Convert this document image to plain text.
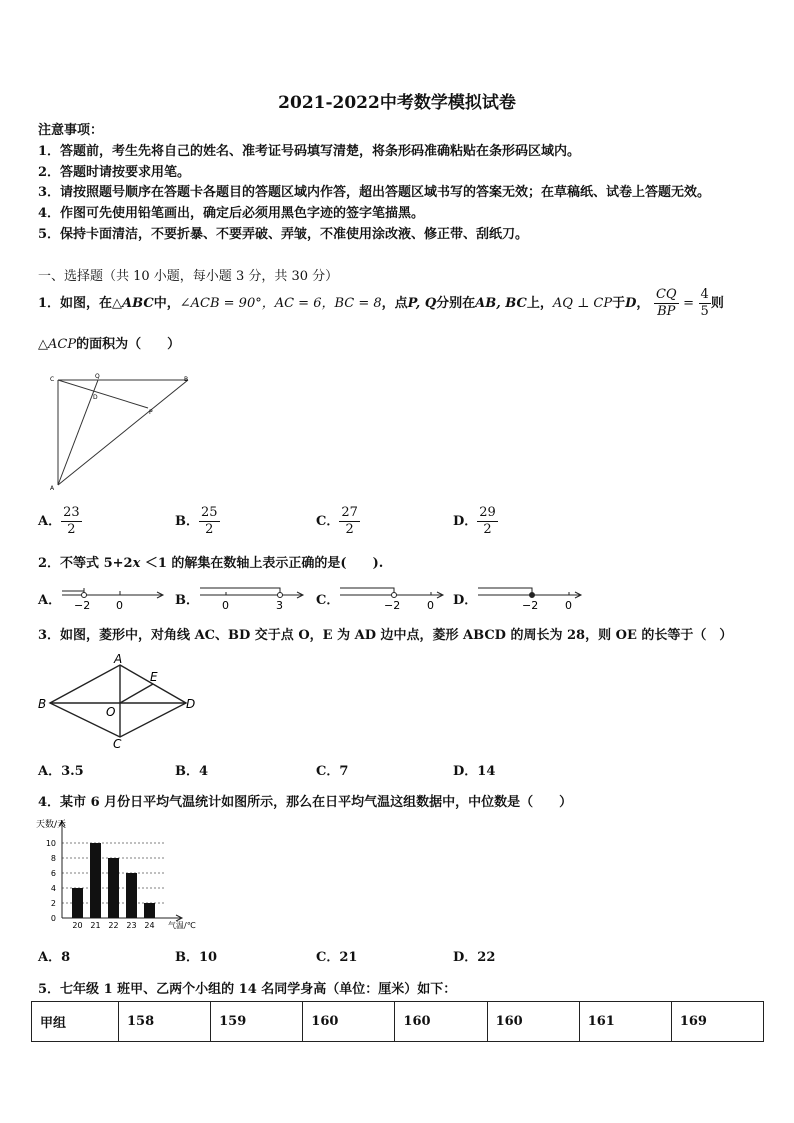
2021-2022中考数学模拟试卷
注意事项：
1．答题前，考生先将自己的姓名、准考证号码填写清楚，将条形码准确粘贴在条形码区域内。
2．答题时请按要求用笔。
3．请按照题号顺序在答题卡各题目的答题区域内作答，超出答题区域书写的答案无效；在草稿纸、试卷上答题无效。
4．作图可先使用铅笔画出，确定后必须用黑色字迹的签字笔描黑。
5．保持卡面清洁，不要折暴、不要弄破、弄皱，不准使用涂改液、修正带、刮纸刀。
一、选择题（共 10 小题，每小题 3 分，共 30 分）
1．如图，在△ABC中，∠ACB = 90°，AC = 6，BC = 8，点P, Q分别在AB, BC上，AQ ⊥ CP于D， $\frac{CQ}{BP} = \frac{4}{5}$ 则
△ACP的面积为（　　）
C	Q	B
D
P
A
A． $\frac{23}{2}$	B． $\frac{25}{2}$	C． $\frac{27}{2}$	D． $\frac{29}{2}$
2．不等式 5+2x ＜1 的解集在数轴上表示正确的是(　　).
A． −2 0	B． 0	3	C．	−2 0 D．	−2 0
3．如图，菱形中，对角线 AC、BD 交于点 O，E 为 AD 边中点，菱形 ABCD 的周长为 28，则 OE 的长等于（　）
A
B
C
D
E
O
A．3.5	B．4	C．7	D．14
4．某市 6 月份日平均气温统计如图所示，那么在日平均气温这组数据中，中位数是（　　）
0
2
4
6
8
10
20 21 22 23 24
天数/天
气温/℃
A．8	B．10	C．21	D．22
5．七年级 1 班甲、乙两个小组的 14 名同学身高（单位：厘米）如下：
甲组	158	159	160	160	160	161	169
